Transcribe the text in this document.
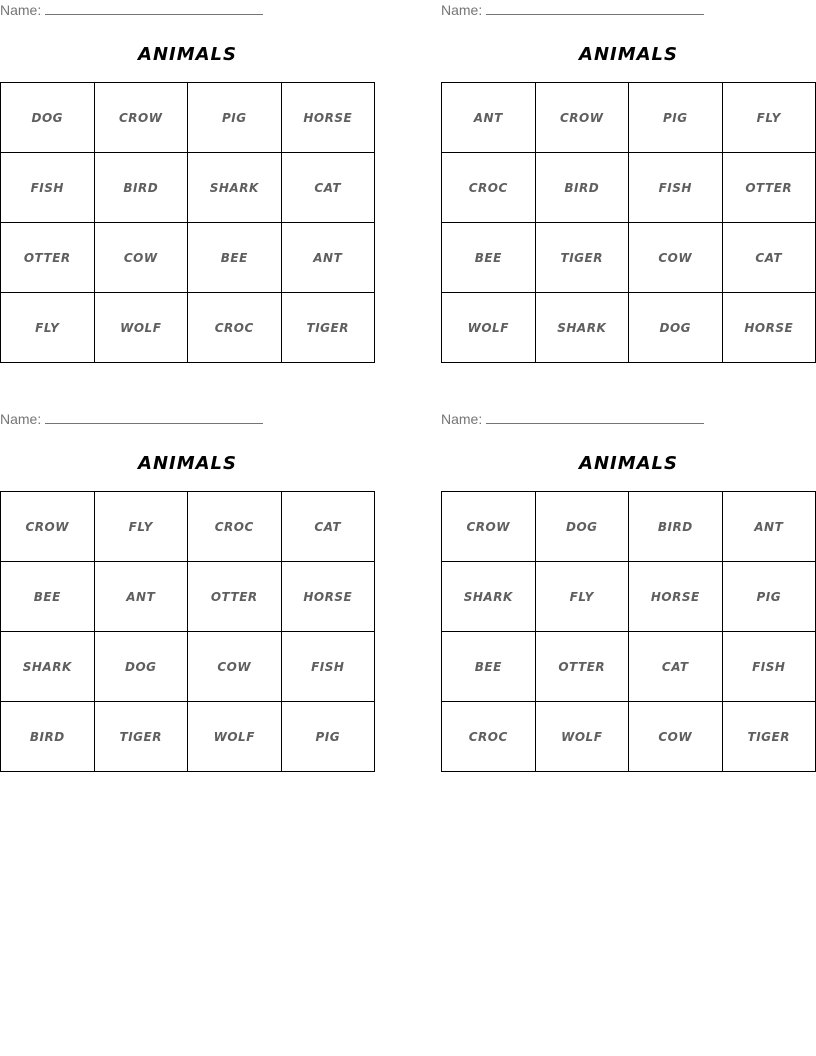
Name:
ANIMALS
DOG	CROW	PIG	HORSE
FISH	BIRD	SHARK	CAT
OTTER	COW	BEE	ANT
FLY	WOLF	CROC	TIGER
Name:
ANIMALS
ANT	CROW	PIG	FLY
CROC	BIRD	FISH	OTTER
BEE	TIGER	COW	CAT
WOLF	SHARK	DOG	HORSE
Name:
ANIMALS
CROW	FLY	CROC	CAT
BEE	ANT	OTTER	HORSE
SHARK	DOG	COW	FISH
BIRD	TIGER	WOLF	PIG
Name:
ANIMALS
CROW	DOG	BIRD	ANT
SHARK	FLY	HORSE	PIG
BEE	OTTER	CAT	FISH
CROC	WOLF	COW	TIGER
